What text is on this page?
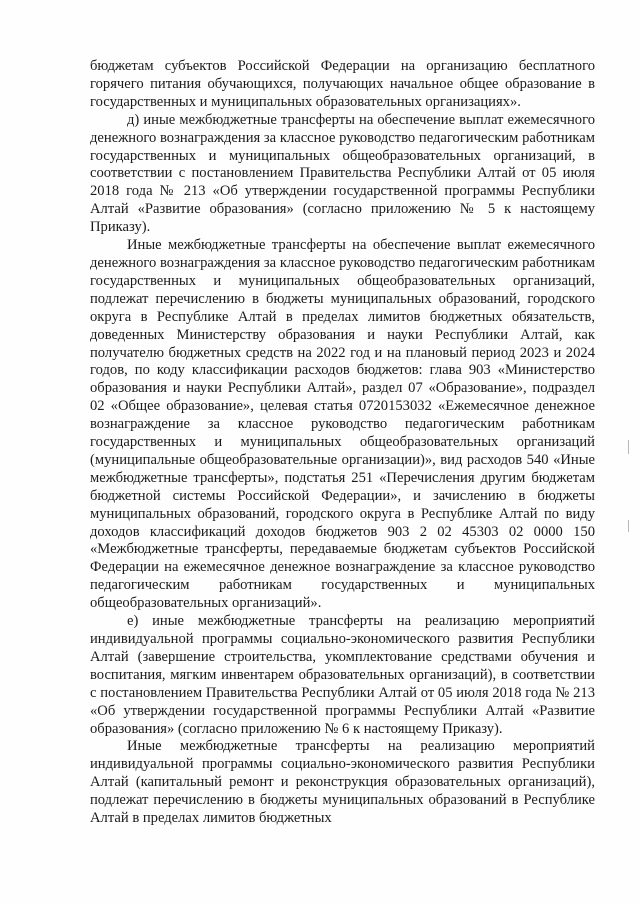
бюджетам субъектов Российской Федерации на организацию бесплатного горячего питания обучающихся, получающих начальное общее образование в государственных и муниципальных образовательных организациях».

д) иные межбюджетные трансферты на обеспечение выплат ежемесячного денежного вознаграждения за классное руководство педагогическим работникам государственных и муниципальных общеобразовательных организаций, в соответствии с постановлением Правительства Республики Алтай от 05 июля 2018 года № 213 «Об утверждении государственной программы Республики Алтай «Развитие образования» (согласно приложению № 5 к настоящему Приказу).

Иные межбюджетные трансферты на обеспечение выплат ежемесячного денежного вознаграждения за классное руководство педагогическим работникам государственных и муниципальных общеобразовательных организаций, подлежат перечислению в бюджеты муниципальных образований, городского округа в Республике Алтай в пределах лимитов бюджетных обязательств, доведенных Министерству образования и науки Республики Алтай, как получателю бюджетных средств на 2022 год и на плановый период 2023 и 2024 годов, по коду классификации расходов бюджетов: глава 903 «Министерство образования и науки Республики Алтай», раздел 07 «Образование», подраздел 02 «Общее образование», целевая статья 0720153032 «Ежемесячное денежное вознаграждение за классное руководство педагогическим работникам государственных и муниципальных общеобразовательных организаций (муниципальные общеобразовательные организации)», вид расходов 540 «Иные межбюджетные трансферты», подстатья 251 «Перечисления другим бюджетам бюджетной системы Российской Федерации», и зачислению в бюджеты муниципальных образований, городского округа в Республике Алтай по виду доходов классификаций доходов бюджетов 903 2 02 45303 02 0000 150 «Межбюджетные трансферты, передаваемые бюджетам субъектов Российской Федерации на ежемесячное денежное вознаграждение за классное руководство педагогическим работникам государственных и муниципальных общеобразовательных организаций».

е) иные межбюджетные трансферты на реализацию мероприятий индивидуальной программы социально-экономического развития Республики Алтай (завершение строительства, укомплектование средствами обучения и воспитания, мягким инвентарем образовательных организаций), в соответствии с постановлением Правительства Республики Алтай от 05 июля 2018 года № 213 «Об утверждении государственной программы Республики Алтай «Развитие образования» (согласно приложению № 6 к настоящему Приказу).

Иные межбюджетные трансферты на реализацию мероприятий индивидуальной программы социально-экономического развития Республики Алтай (капитальный ремонт и реконструкция образовательных организаций), подлежат перечислению в бюджеты муниципальных образований в Республике Алтай в пределах лимитов бюджетных
